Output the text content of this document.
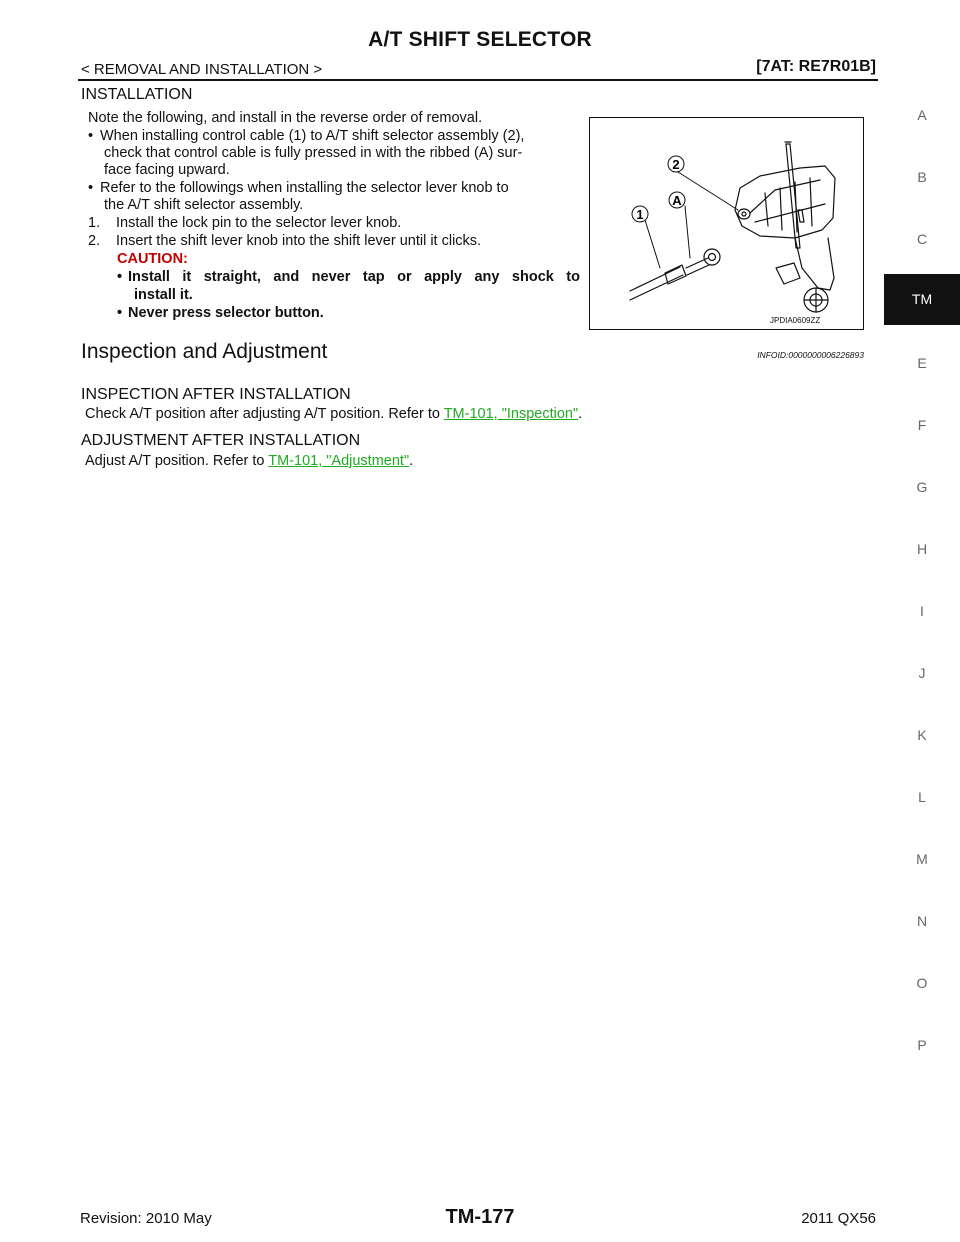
A/T SHIFT SELECTOR
< REMOVAL AND INSTALLATION >	[7AT: RE7R01B]
INSTALLATION
Note the following, and install in the reverse order of removal.
• When installing control cable (1) to A/T shift selector assembly (2),
check that control cable is fully pressed in with the ribbed (A) sur-
face facing upward.
• Refer to the followings when installing the selector lever knob to
the A/T shift selector assembly.
1. Install the lock pin to the selector lever knob.
2. Insert the shift lever knob into the shift lever until it clicks.
CAUTION:
• Install it straight, and never tap or apply any shock to
install it.
• Never press selector button.
1
A
2
JPDIA0609ZZ
Inspection and Adjustment	INFOID:0000000006226893
INSPECTION AFTER INSTALLATION
Check A/T position after adjusting A/T position. Refer to TM-101, "Inspection".
ADJUSTMENT AFTER INSTALLATION
Adjust A/T position. Refer to TM-101, "Adjustment".
A
B
C
TM
E
F
G
H
I
J
K
L
M
N
O
P
TM-177
Revision: 2010 May	2011 QX56
